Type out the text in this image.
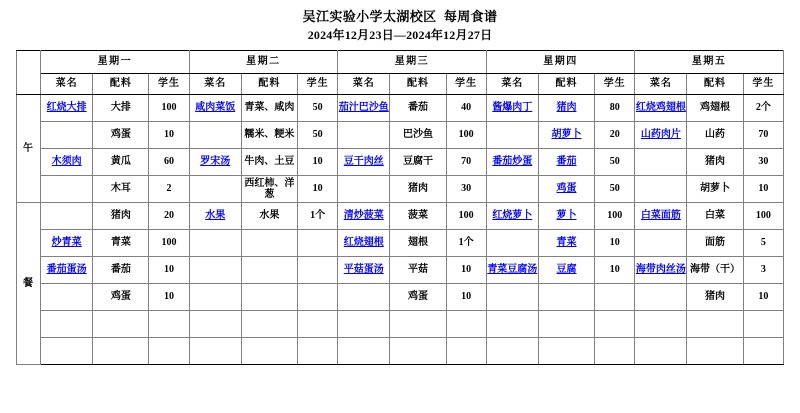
吴江实验小学太湖校区  每周食谱
2024年12月23日—2024年12月27日
	星期一			星期二			星期三			星期四			星期五		
	菜名	配料	学生	菜名	配料	学生	菜名	配料	学生	菜名	配料	学生	菜名	配料	学生
午	红烧大排	大排	100	咸肉菜饭	青菜、咸肉	50	茄汁巴沙鱼	番茄	40	酱爆肉丁	猪肉	80	红烧鸡翅根	鸡翅根	2个
		鸡蛋	10		糯米、粳米	50		巴沙鱼	100		胡萝卜	20	山药肉片	山药	70
	木须肉	黄瓜	60	罗宋汤	牛肉、土豆	10	豆干肉丝	豆腐干	70	番茄炒蛋	番茄	50		猪肉	30
		木耳	2		西红柿、洋葱	10		猪肉	30		鸡蛋	50		胡萝卜	10
餐		猪肉	20	水果	水果	1个	清炒菠菜	菠菜	100	红烧萝卜	萝卜	100	白菜面筋	白菜	100
	炒青菜	青菜	100				红烧翅根	翅根	1个		青菜	10		面筋	5
	番茄蛋汤	番茄	10				平菇蛋汤	平菇	10	青菜豆腐汤	豆腐	10	海带肉丝汤	海带（干）	3
		鸡蛋	10					鸡蛋	10					猪肉	10
